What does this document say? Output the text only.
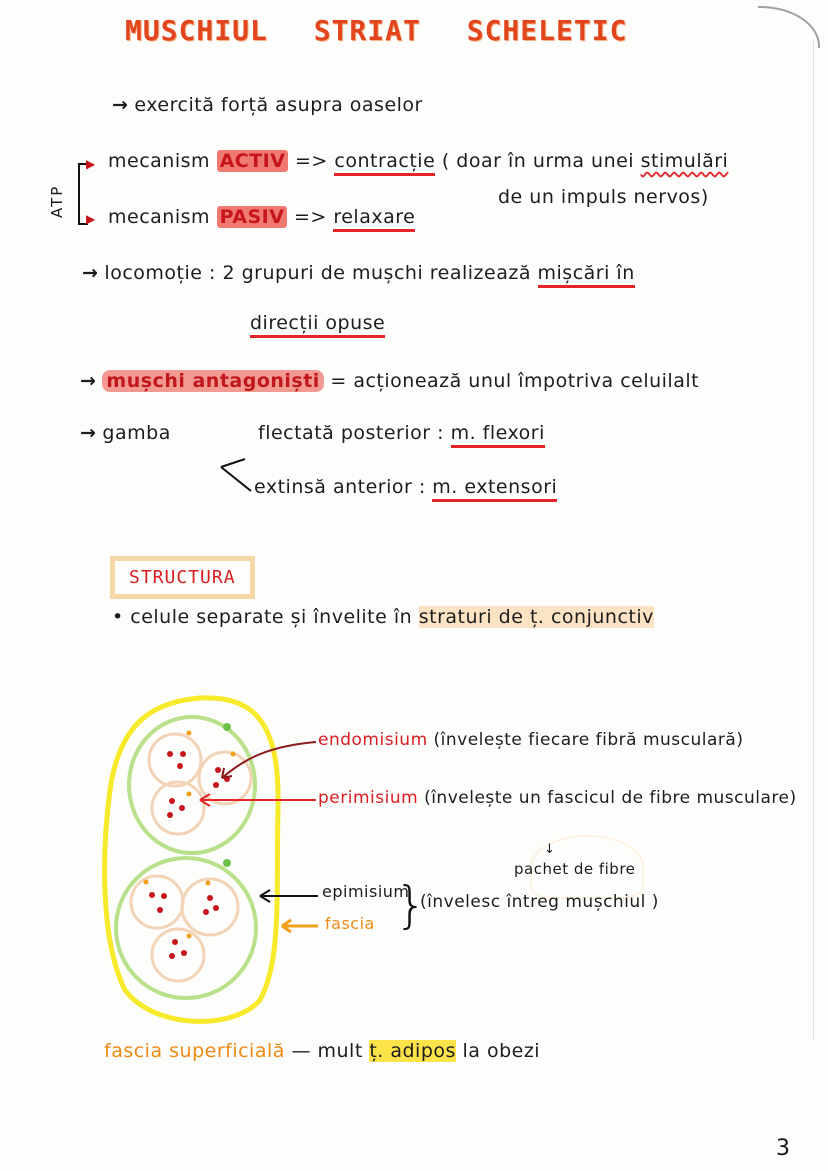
MUSCHIUL STRIAT SCHELETIC
→ exercită forță asupra oaselor
ATP
▶
▶
mecanism ACTIV => contracție ( doar în urma unei stimulări
de un impuls nervos)
mecanism PASIV => relaxare
→ locomoție : 2 grupuri de mușchi realizează mișcări în
direcții opuse
→ mușchi antagoniști = acționează unul împotriva celuilalt
→ gamba	flectată posterior : m. flexori
extinsă anterior : m. extensori
STRUCTURA
• celule separate și învelite în straturi de ț. conjunctiv
endomisium (învelește fiecare fibră musculară)
perimisium (învelește un fascicul de fibre musculare)
↓
pachet de fibre
epimisium
fascia }
(învelesc întreg mușchiul )
fascia superficială — mult ț. adipos la obezi
3
